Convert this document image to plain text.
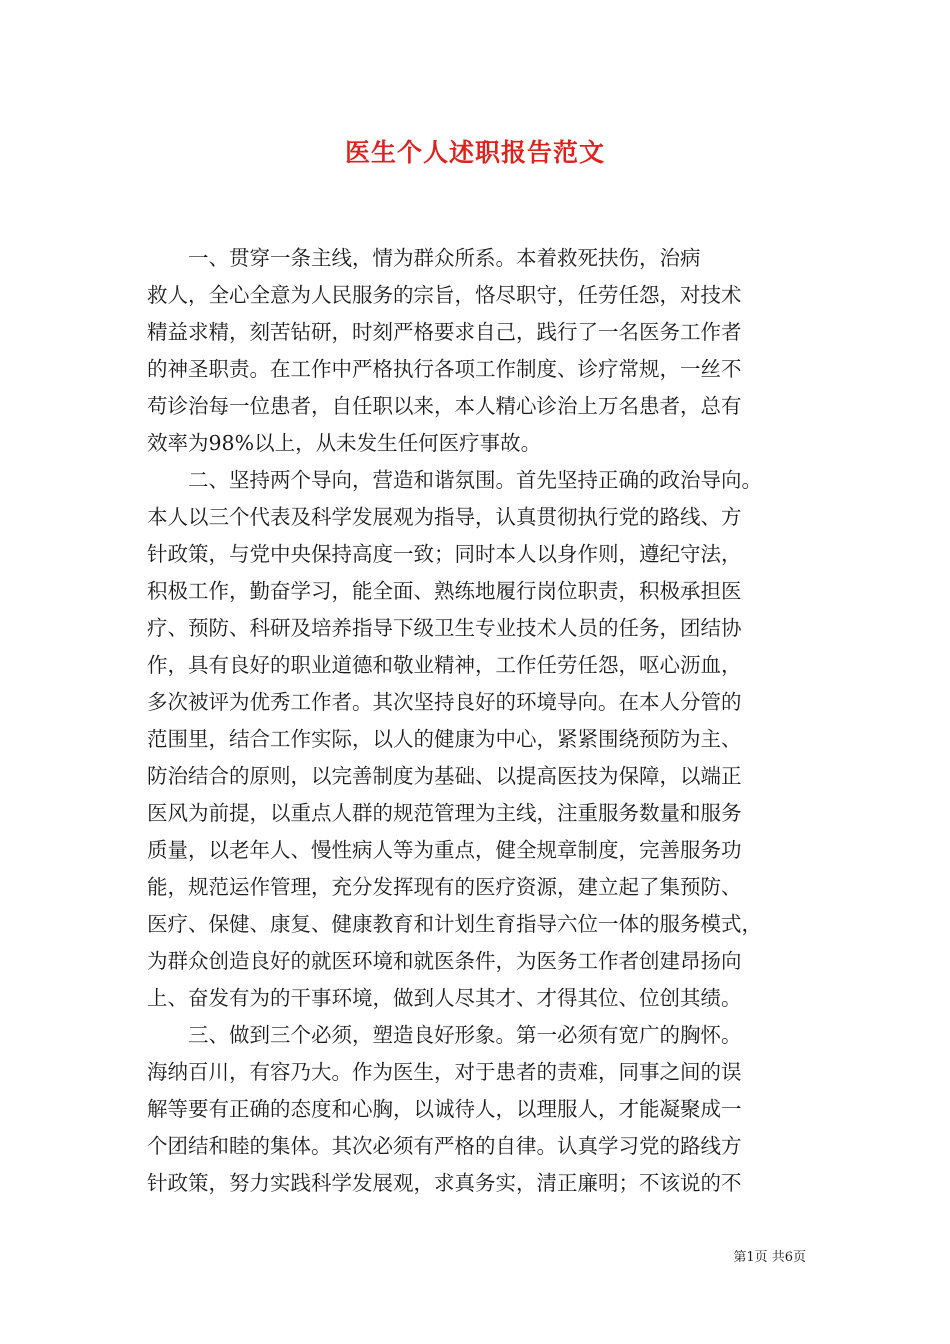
医生个人述职报告范文
　　一、贯穿一条主线，情为群众所系。本着救死扶伤，治病
救人，全心全意为人民服务的宗旨，恪尽职守，任劳任怨，对技术
精益求精，刻苦钻研，时刻严格要求自己，践行了一名医务工作者
的神圣职责。在工作中严格执行各项工作制度、诊疗常规，一丝不
苟诊治每一位患者，自任职以来，本人精心诊治上万名患者，总有
效率为98%以上，从未发生任何医疗事故。
　　二、坚持两个导向，营造和谐氛围。首先坚持正确的政治导向。
本人以三个代表及科学发展观为指导，认真贯彻执行党的路线、方
针政策，与党中央保持高度一致；同时本人以身作则，遵纪守法，
积极工作，勤奋学习，能全面、熟练地履行岗位职责，积极承担医
疗、预防、科研及培养指导下级卫生专业技术人员的任务，团结协
作，具有良好的职业道德和敬业精神，工作任劳任怨，呕心沥血，
多次被评为优秀工作者。其次坚持良好的环境导向。在本人分管的
范围里，结合工作实际，以人的健康为中心，紧紧围绕预防为主、
防治结合的原则，以完善制度为基础、以提高医技为保障，以端正
医风为前提，以重点人群的规范管理为主线，注重服务数量和服务
质量，以老年人、慢性病人等为重点，健全规章制度，完善服务功
能，规范运作管理，充分发挥现有的医疗资源，建立起了集预防、
医疗、保健、康复、健康教育和计划生育指导六位一体的服务模式，
为群众创造良好的就医环境和就医条件，为医务工作者创建昂扬向
上、奋发有为的干事环境，做到人尽其才、才得其位、位创其绩。
　　三、做到三个必须，塑造良好形象。第一必须有宽广的胸怀。
海纳百川，有容乃大。作为医生，对于患者的责难，同事之间的误
解等要有正确的态度和心胸，以诚待人，以理服人，才能凝聚成一
个团结和睦的集体。其次必须有严格的自律。认真学习党的路线方
针政策，努力实践科学发展观，求真务实，清正廉明；不该说的不
第1页 共6页
